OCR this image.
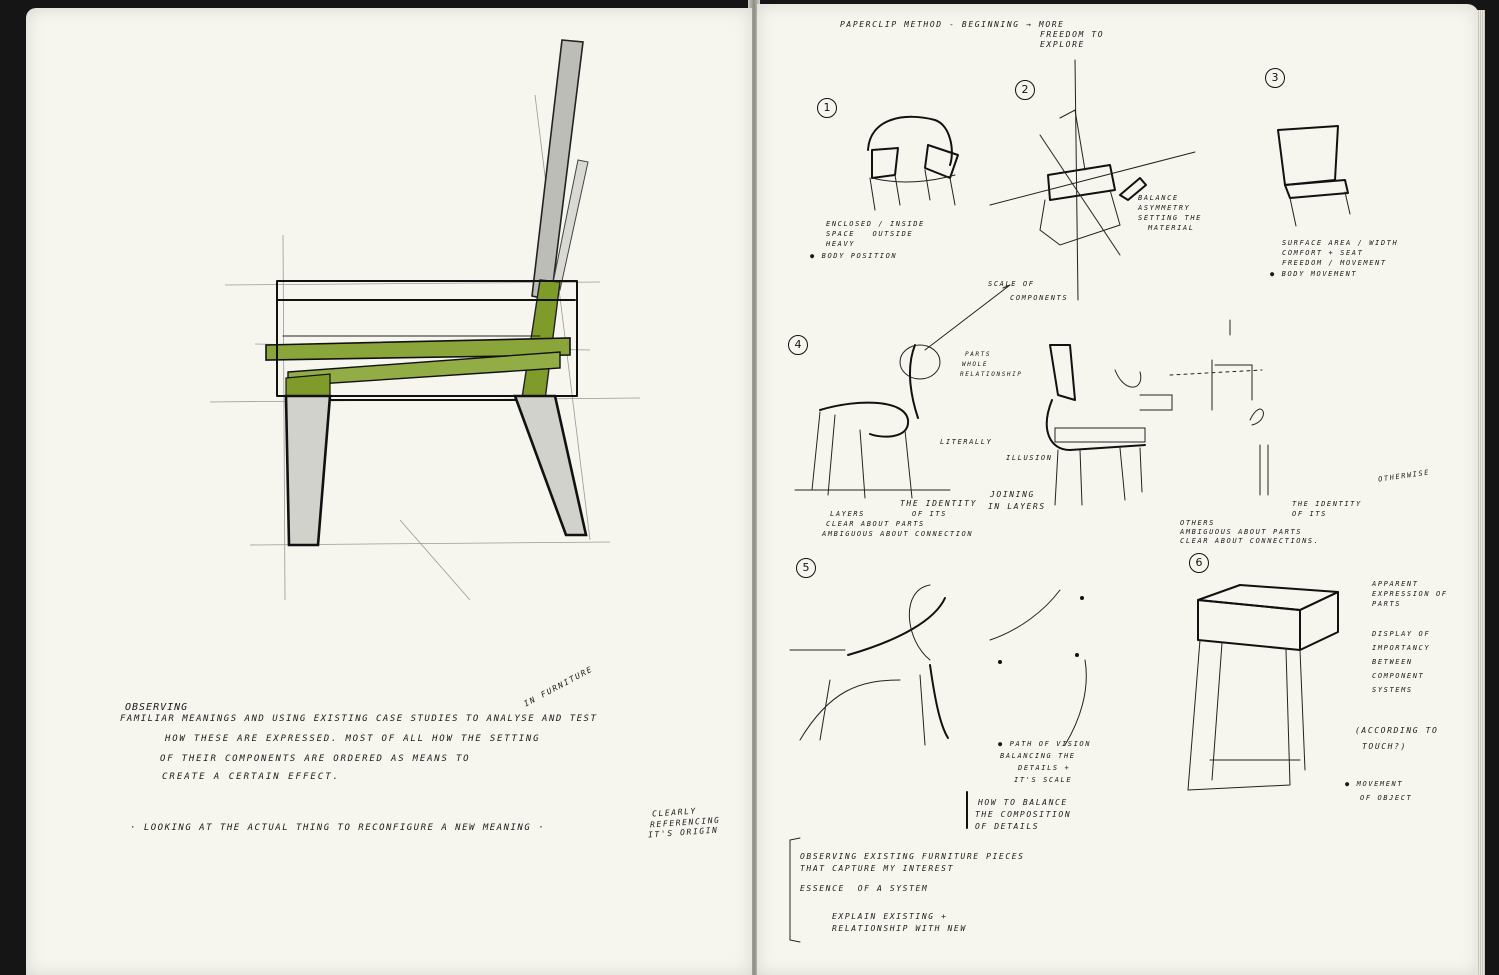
OBSERVING

FAMILIAR MEANINGS AND USING EXISTING CASE STUDIES TO ANALYSE AND TEST

HOW THESE ARE EXPRESSED. MOST OF ALL HOW THE SETTING

OF THEIR COMPONENTS ARE ORDERED AS MEANS TO

CREATE A CERTAIN EFFECT.

IN FURNITURE

· LOOKING AT THE ACTUAL THING TO RECONFIGURE A NEW MEANING ·

CLEARLY

REFERENCING

IT'S ORIGIN

PAPERCLIP METHOD - BEGINNING → MORE

FREEDOM TO

EXPLORE

1
2
3
4
5	6

ENCLOSED / INSIDE

SPACE   OUTSIDE

HEAVY

● BODY POSITION

BALANCE

ASYMMETRY

SETTING THE

MATERIAL

SURFACE AREA / WIDTH

COMFORT + SEAT

FREEDOM / MOVEMENT

● BODY MOVEMENT

SCALE OF

COMPONENTS

PARTS

WHOLE

RELATIONSHIP

LITERALLY

ILLUSION

LAYERS

CLEAR ABOUT PARTS

AMBIGUOUS ABOUT CONNECTION

THE IDENTITY

OF ITS

JOINING

IN LAYERS

OTHERS

AMBIGUOUS ABOUT PARTS

CLEAR ABOUT CONNECTIONS.

THE IDENTITY

OF ITS

OTHERWISE

● PATH OF VISION

BALANCING THE

DETAILS +

IT'S SCALE

HOW TO BALANCE

THE COMPOSITION

OF DETAILS

APPARENT

EXPRESSION OF

PARTS

DISPLAY OF

IMPORTANCY

BETWEEN

COMPONENT

SYSTEMS

(ACCORDING TO

TOUCH?)

● MOVEMENT

OF OBJECT

OBSERVING EXISTING FURNITURE PIECES

THAT CAPTURE MY INTEREST

ESSENCE  OF A SYSTEM

EXPLAIN EXISTING +

RELATIONSHIP WITH NEW
